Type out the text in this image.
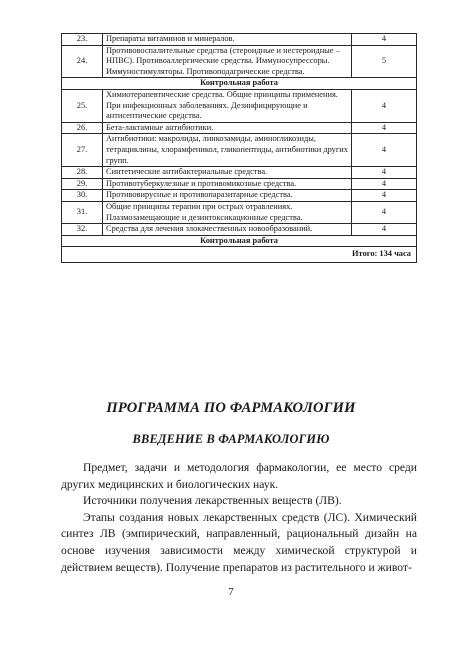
23.	Препараты витаминов и минералов.	4
24.	Противовоспалительные средства (стероидные и нестероидные – НПВС). Противоаллергические средства. Иммуносупрессоры. Иммуностимуляторы. Противоподагрические средства.	5
Контрольная работа		
25.	Химиотерапевтические средства. Общие принципы применения. При инфекционных заболеваниях. Дезинфицирующие и антисептические средства.	4
26.	Бета-лактамные антибиотики.	4
27.	Антибиотики: макролиды, линкозамиды, аминогликозиды, тетрациклины, хлорамфеникол, гликопептиды, антибиотики других групп.	4
28.	Синтетические антибактериальные средства.	4
29.	Противотуберкулезные и противомикозные средства.	4
30.	Противовирусные и противопаразитарные средства.	4
31.	Общие принципы терапии при острых отравлениях. Плазмозамещающие и дезинтоксикационные средства.	4
32.	Средства для лечения злокачественных новообразований.	4
Контрольная работа		
Итого: 134 часа		
ПРОГРАММА ПО ФАРМАКОЛОГИИ
ВВЕДЕНИЕ В ФАРМАКОЛОГИЮ

Предмет, задачи и методология фармакологии, ее место среди других медицинских и биологических наук.

Источники получения лекарственных веществ (ЛВ).

Этапы создания новых лекарственных средств (ЛС). Химический синтез ЛВ (эмпирический, направленный, рациональный дизайн на основе изучения зависимости между химической структурой и действием веществ). Получение препаратов из растительного и живот-

7
